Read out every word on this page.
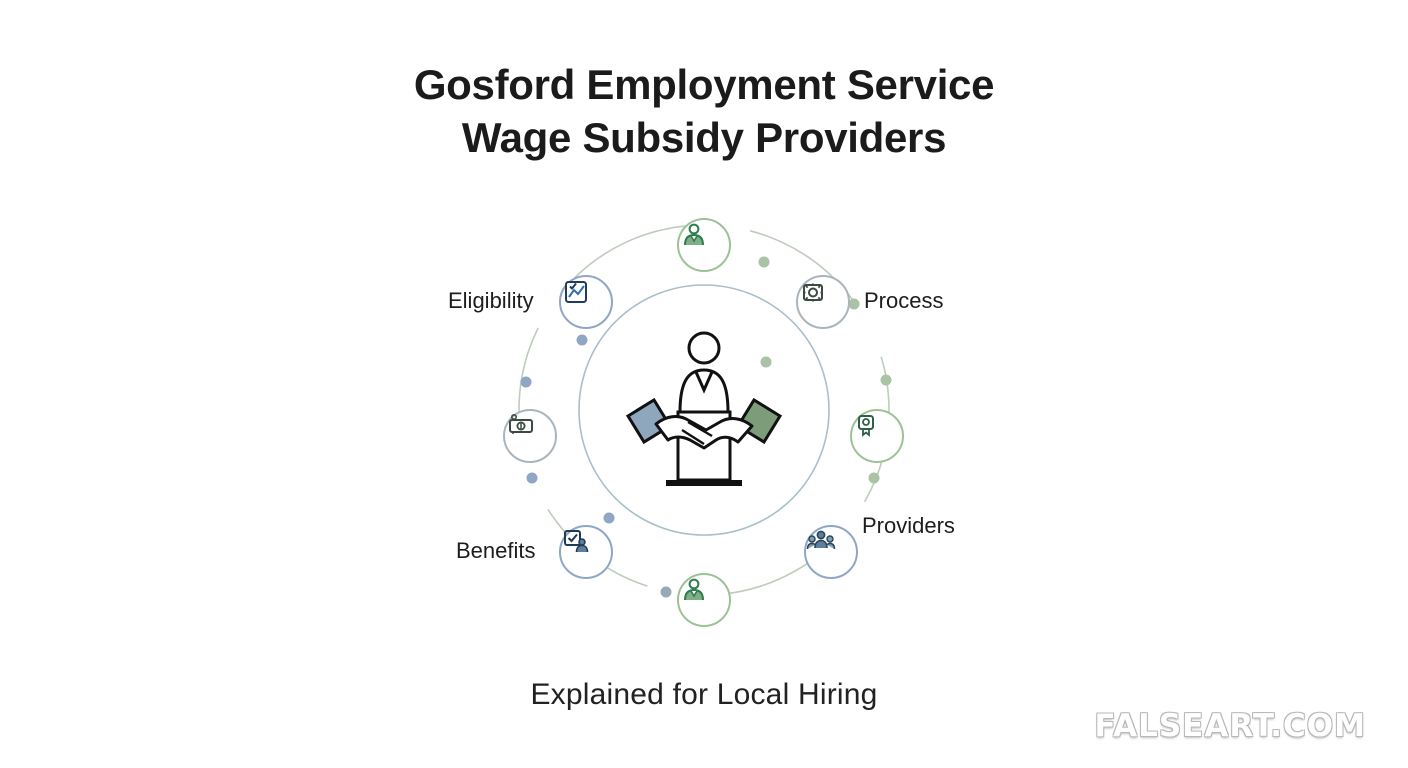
Gosford Employment Service
Wage Subsidy Providers
Process
Providers
Benefits
Eligibility
Explained for Local Hiring
FALSEART.COM
